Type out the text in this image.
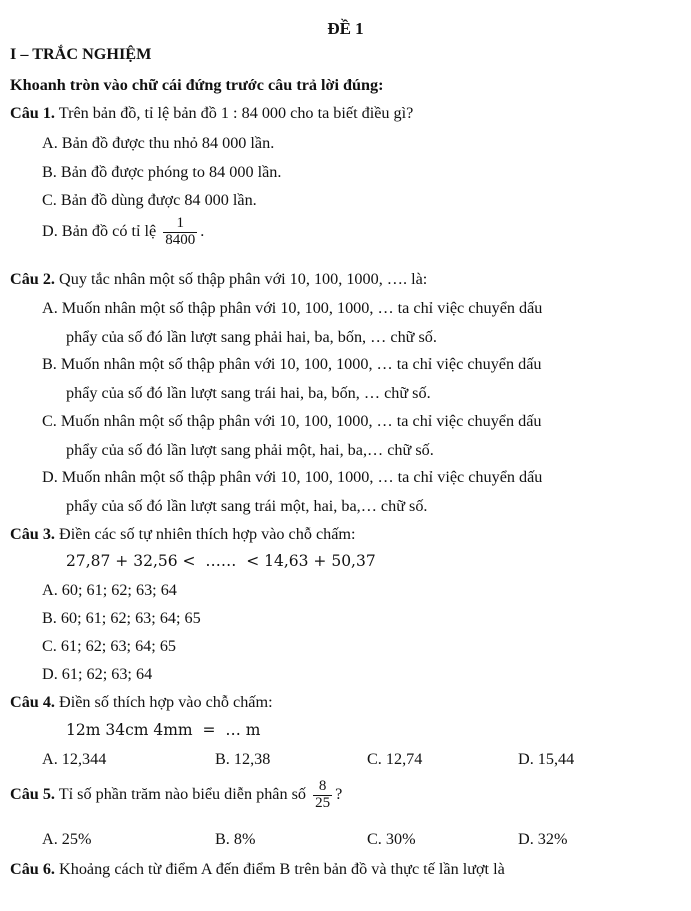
ĐỀ 1
I – TRẮC NGHIỆM
Khoanh tròn vào chữ cái đứng trước câu trả lời đúng:
Câu 1. Trên bản đồ, tỉ lệ bản đồ 1 : 84 000 cho ta biết điều gì?
A. Bản đồ được thu nhỏ 84 000 lần.
B. Bản đồ được phóng to 84 000 lần.
C. Bản đồ dùng được 84 000 lần.
D. Bản đồ có tỉ lệ $\frac{1}{8400}$ .
Câu 2. Quy tắc nhân một số thập phân với 10, 100, 1000, …. là:
A. Muốn nhân một số thập phân với 10, 100, 1000, … ta chỉ việc chuyển dấu
phẩy của số đó lần lượt sang phải hai, ba, bốn, … chữ số.
B. Muốn nhân một số thập phân với 10, 100, 1000, … ta chỉ việc chuyển dấu
phẩy của số đó lần lượt sang trái hai, ba, bốn, … chữ số.
C. Muốn nhân một số thập phân với 10, 100, 1000, … ta chỉ việc chuyển dấu
phẩy của số đó lần lượt sang phải một, hai, ba,… chữ số.
D. Muốn nhân một số thập phân với 10, 100, 1000, … ta chỉ việc chuyển dấu
phẩy của số đó lần lượt sang trái một, hai, ba,… chữ số.
Câu 3. Điền các số tự nhiên thích hợp vào chỗ chấm:
27,87 + 32,56 <  ……  < 14,63 + 50,37
A. 60; 61; 62; 63; 64
B. 60; 61; 62; 63; 64; 65
C. 61; 62; 63; 64; 65
D. 61; 62; 63; 64
Câu 4. Điền số thích hợp vào chỗ chấm:
12m 34cm 4mm  =  … m
A. 12,344	B. 12,38	C. 12,74	D. 15,44
Câu 5. Tỉ số phần trăm nào biểu diễn phân số $\frac{8}{25}$ ?
A. 25%	B. 8%	C. 30%	D. 32%
Câu 6. Khoảng cách từ điểm A đến điểm B trên bản đồ và thực tế lần lượt là
